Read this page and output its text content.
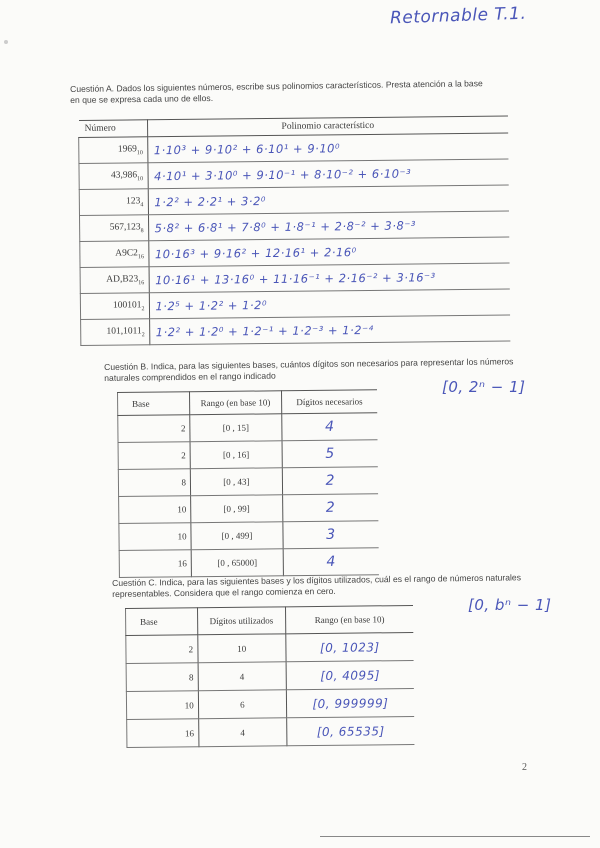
Retornable T.1.
Cuestión A. Dados los siguientes números, escribe sus polinomios característicos. Presta atención a la base en que se expresa cada uno de ellos.
Número	Polinomio característico
$1969_{10}$	1·10³ + 9·10² + 6·10¹ + 9·10⁰
$43,986_{10}$	4·10¹ + 3·10⁰ + 9·10⁻¹ + 8·10⁻² + 6·10⁻³
$123_4$	1·2² + 2·2¹ + 3·2⁰
$567,123_8$	5·8² + 6·8¹ + 7·8⁰ + 1·8⁻¹ + 2·8⁻² + 3·8⁻³
$A9C2_{16}$	10·16³ + 9·16² + 12·16¹ + 2·16⁰
$AD,B23_{16}$	10·16¹ + 13·16⁰ + 11·16⁻¹ + 2·16⁻² + 3·16⁻³
$100101_2$	1·2⁵ + 1·2² + 1·2⁰
$101,1011_2$	1·2² + 1·2⁰ + 1·2⁻¹ + 1·2⁻³ + 1·2⁻⁴
Cuestión B. Indica, para las siguientes bases, cuántos dígitos son necesarios para representar los números naturales comprendidos en el rango indicado
[0, 2ⁿ − 1]
Base	Rango (en base 10)	Dígitos necesarios
2	[0 , 15]	4
2	[0 , 16]	5
8	[0 , 43]	2
10	[0 , 99]	2
10	[0 , 499]	3
16	[0 , 65000]	4
Cuestión C. Indica, para las siguientes bases y los dígitos utilizados, cuál es el rango de números naturales representables. Considera que el rango comienza en cero.
[0, bⁿ − 1]
Base	Dígitos utilizados	Rango (en base 10)
2	10	[0, 1023]
8	4	[0, 4095]
10	6	[0, 999999]
16	4	[0, 65535]
2
